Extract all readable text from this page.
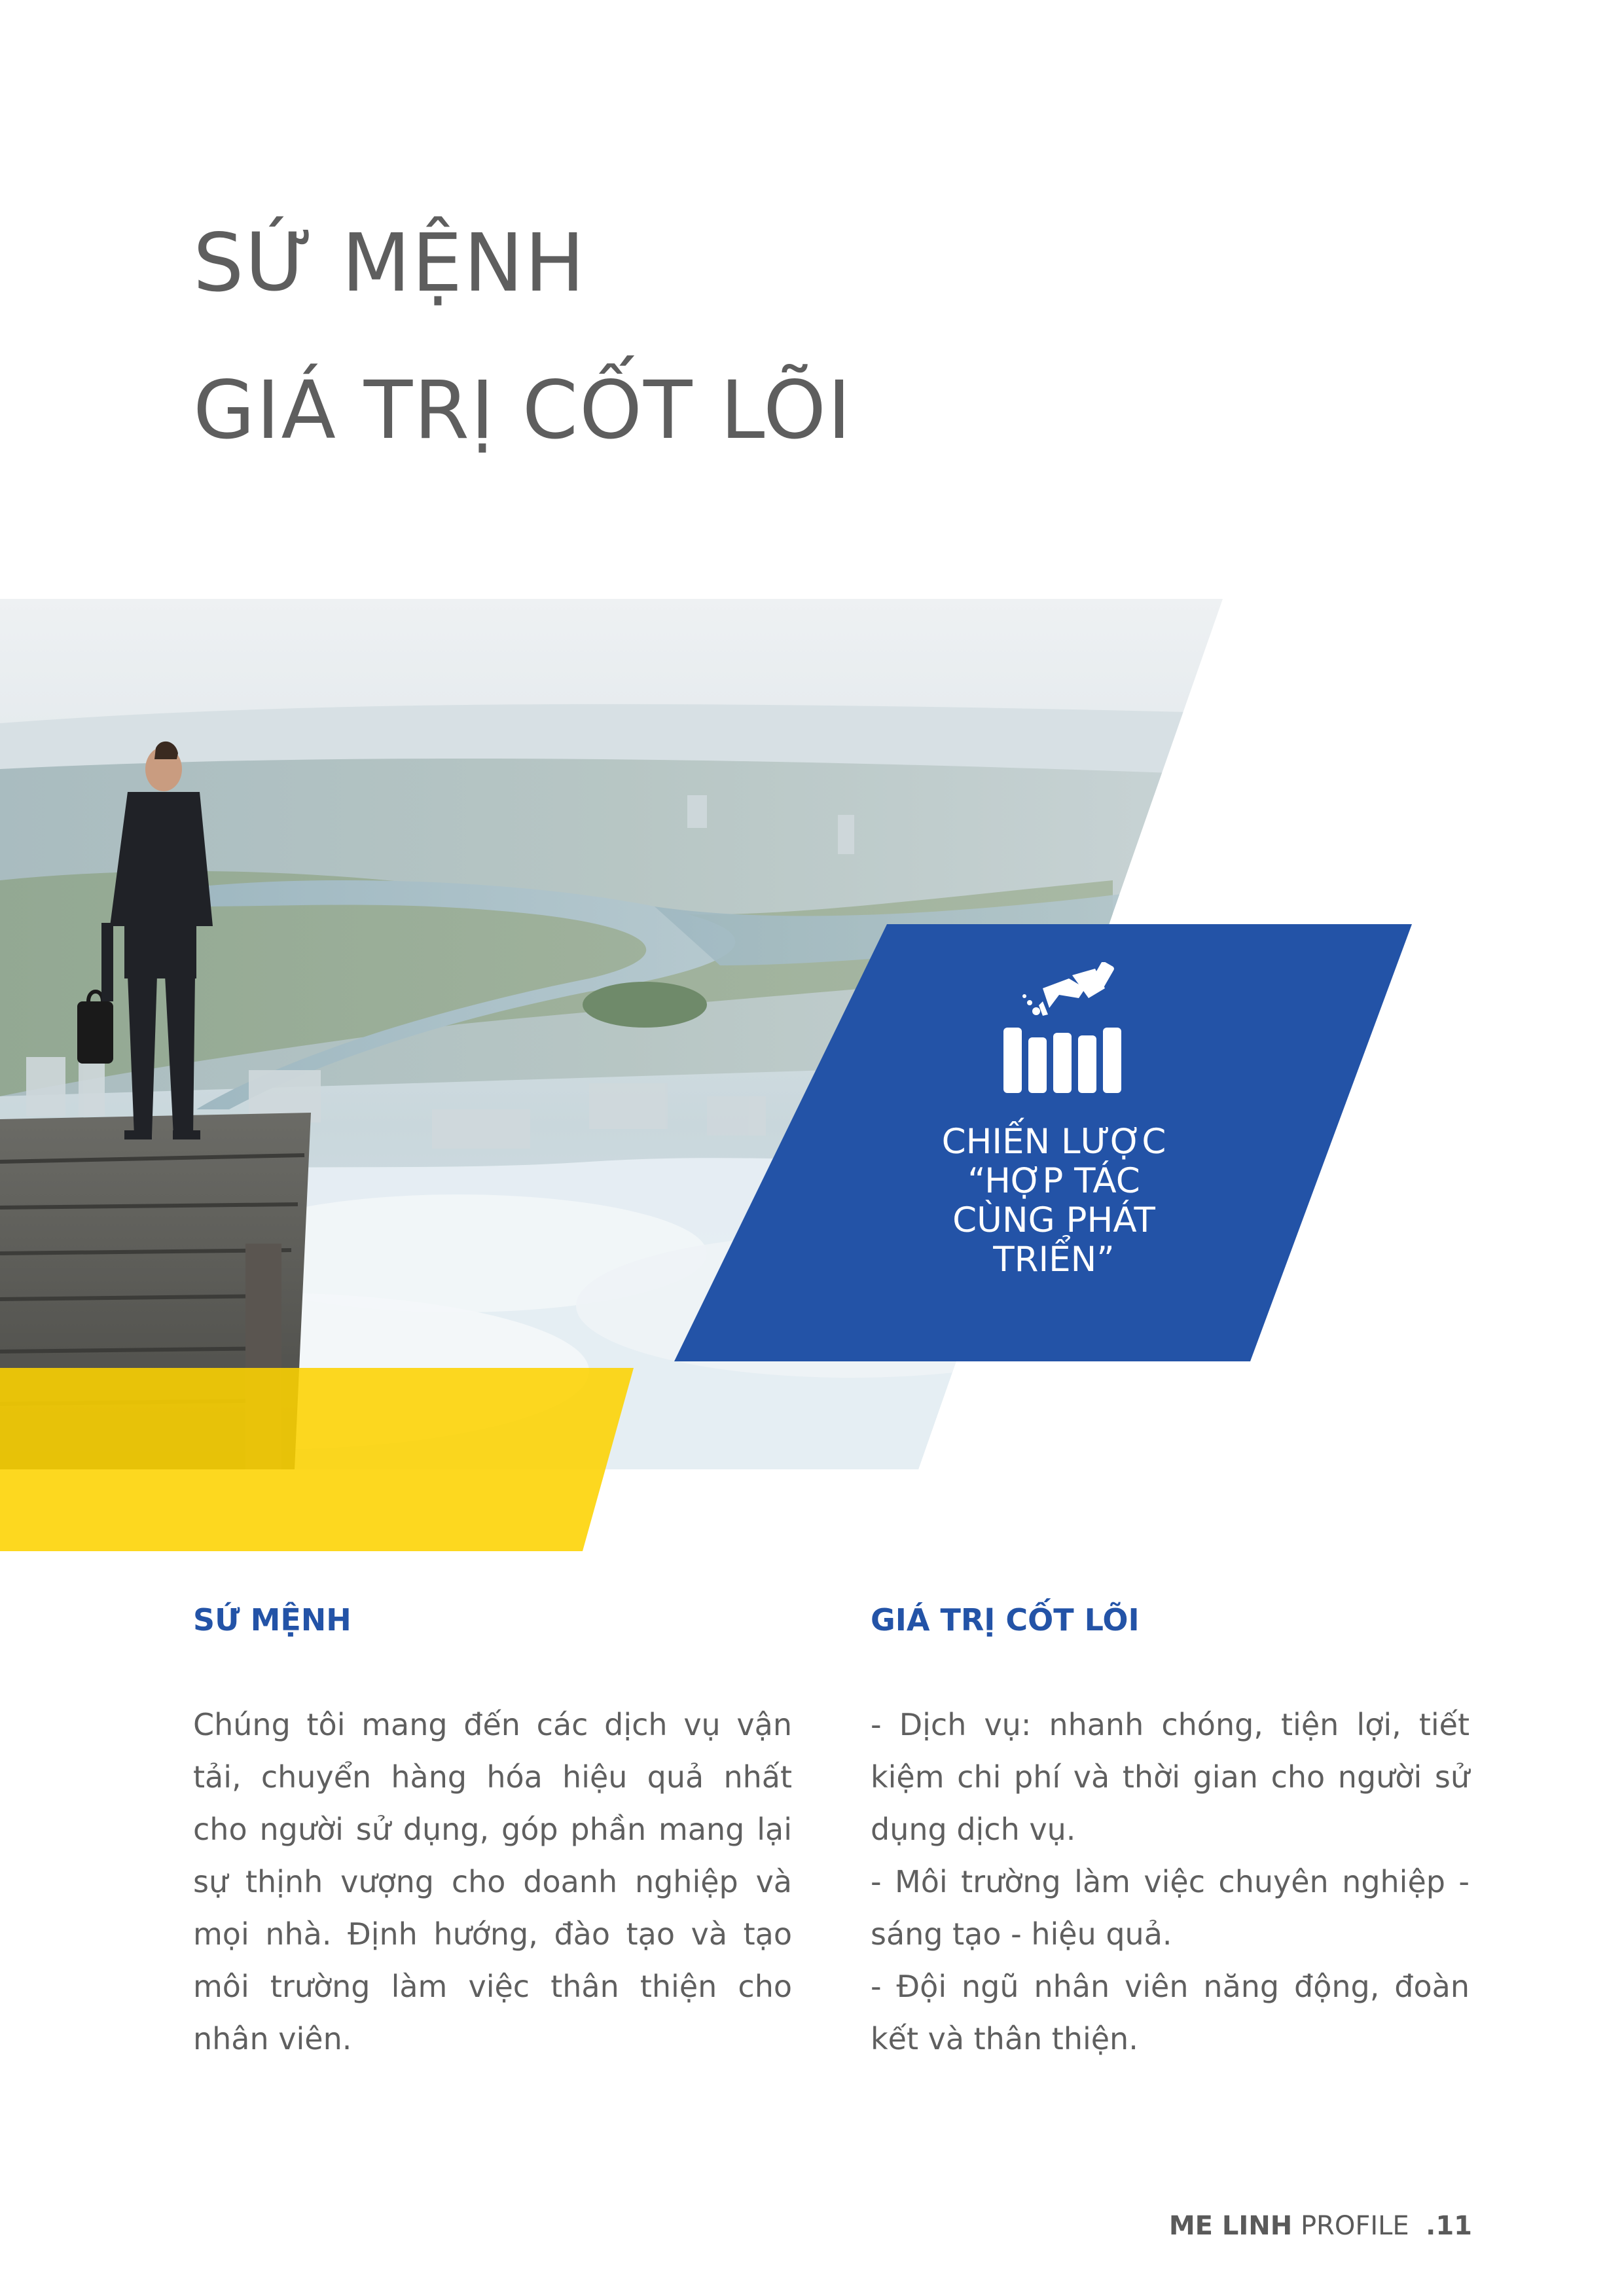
SỨ MỆNH
GIÁ TRỊ CỐT LÕI
CHIẾN LƯỢC
“HỢP TÁC
CÙNG PHÁT
TRIỂN”
SỨ MỆNH

Chúng tôi mang đến các dịch vụ vận tải, chuyển hàng hóa hiệu quả nhất cho người sử dụng, góp phần mang lại sự thịnh vượng cho doanh nghiệp và mọi nhà. Định hướng, đào tạo và tạo môi trường làm việc thân thiện cho nhân viên.

GIÁ TRỊ CỐT LÕI
- Dịch vụ: nhanh chóng, tiện lợi, tiết kiệm chi phí và thời gian cho người sử dụng dịch vụ.
- Môi trường làm việc chuyên nghiệp - sáng tạo - hiệu quả.
- Đội ngũ nhân viên năng động, đoàn kết và thân thiện.
ME LINH PROFILE .11
